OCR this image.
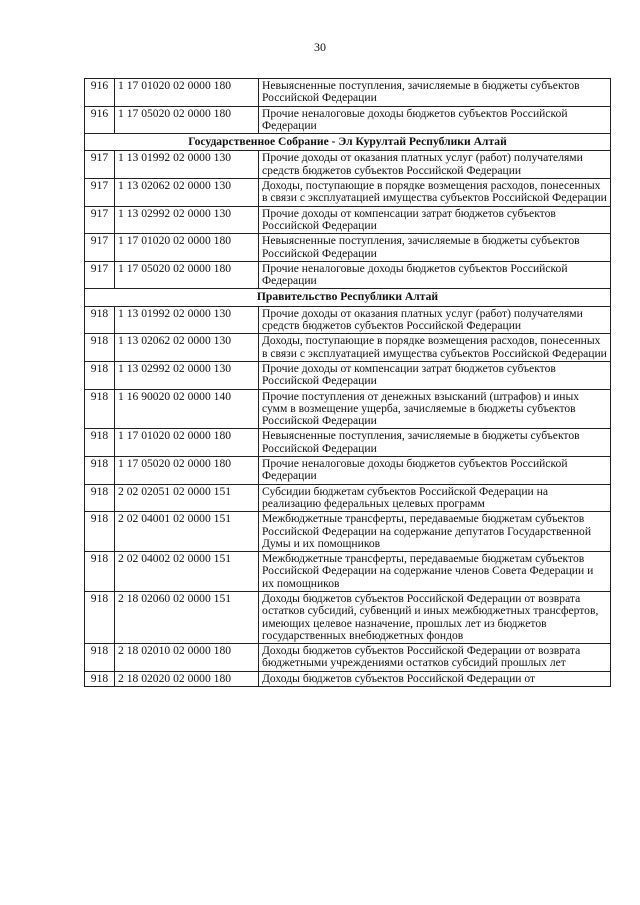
30
916	1 17 01020 02 0000 180	Невыясненные поступления, зачисляемые в бюджеты субъектов Российской Федерации
916	1 17 05020 02 0000 180	Прочие неналоговые доходы бюджетов субъектов Российской Федерации
Государственное Собрание - Эл Курултай Республики Алтай		
917	1 13 01992 02 0000 130	Прочие доходы от оказания платных услуг (работ) получателями средств бюджетов субъектов Российской Федерации
917	1 13 02062 02 0000 130	Доходы, поступающие в порядке возмещения расходов, понесенных в связи с эксплуатацией имущества субъектов Российской Федерации
917	1 13 02992 02 0000 130	Прочие доходы от компенсации затрат бюджетов субъектов Российской Федерации
917	1 17 01020 02 0000 180	Невыясненные поступления, зачисляемые в бюджеты субъектов Российской Федерации
917	1 17 05020 02 0000 180	Прочие неналоговые доходы бюджетов субъектов Российской Федерации
Правительство Республики Алтай		
918	1 13 01992 02 0000 130	Прочие доходы от оказания платных услуг (работ) получателями средств бюджетов субъектов Российской Федерации
918	1 13 02062 02 0000 130	Доходы, поступающие в порядке возмещения расходов, понесенных в связи с эксплуатацией имущества субъектов Российской Федерации
918	1 13 02992 02 0000 130	Прочие доходы от компенсации затрат бюджетов субъектов Российской Федерации
918	1 16 90020 02 0000 140	Прочие поступления от денежных взысканий (штрафов) и иных сумм в возмещение ущерба, зачисляемые в бюджеты субъектов Российской Федерации
918	1 17 01020 02 0000 180	Невыясненные поступления, зачисляемые в бюджеты субъектов Российской Федерации
918	1 17 05020 02 0000 180	Прочие неналоговые доходы бюджетов субъектов Российской Федерации
918	2 02 02051 02 0000 151	Субсидии бюджетам субъектов Российской Федерации на реализацию федеральных целевых программ
918	2 02 04001 02 0000 151	Межбюджетные трансферты, передаваемые бюджетам субъектов Российской Федерации на содержание депутатов Государственной Думы и их помощников
918	2 02 04002 02 0000 151	Межбюджетные трансферты, передаваемые бюджетам субъектов Российской Федерации на содержание членов Совета Федерации и их помощников
918	2 18 02060 02 0000 151	Доходы бюджетов субъектов Российской Федерации от возврата остатков субсидий, субвенций и иных межбюджетных трансфертов, имеющих целевое назначение, прошлых лет из бюджетов государственных внебюджетных фондов
918	2 18 02010 02 0000 180	Доходы бюджетов субъектов Российской Федерации от возврата бюджетными учреждениями остатков субсидий прошлых лет
918	2 18 02020 02 0000 180	Доходы бюджетов субъектов Российской Федерации от
